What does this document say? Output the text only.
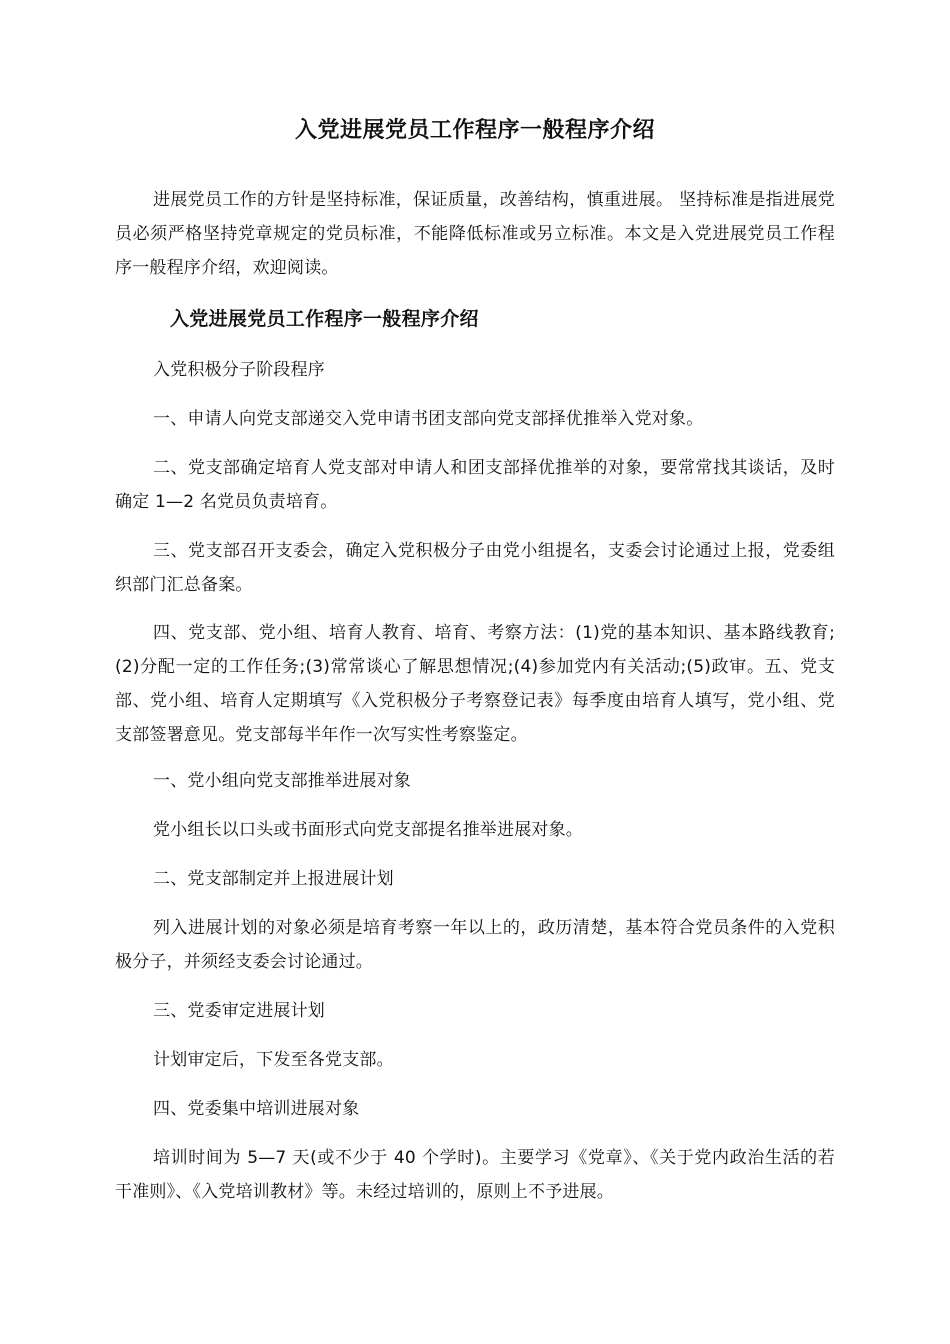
入党进展党员工作程序一般程序介绍

进展党员工作的方针是坚持标准，保证质量，改善结构，慎重进展。 坚持标准是指进展党员必须严格坚持党章规定的党员标准，不能降低标准或另立标准。本文是入党进展党员工作程序一般程序介绍，欢迎阅读。

入党进展党员工作程序一般程序介绍

入党积极分子阶段程序

一、申请人向党支部递交入党申请书团支部向党支部择优推举入党对象。

二、党支部确定培育人党支部对申请人和团支部择优推举的对象，要常常找其谈话，及时确定 1—2 名党员负责培育。

三、党支部召开支委会，确定入党积极分子由党小组提名，支委会讨论通过上报，党委组织部门汇总备案。

四、党支部、党小组、培育人教育、培育、考察方法：(1)党的基本知识、基本路线教育;(2)分配一定的工作任务;(3)常常谈心了解思想情况;(4)参加党内有关活动;(5)政审。五、党支部、党小组、培育人定期填写《入党积极分子考察登记表》每季度由培育人填写，党小组、党支部签署意见。党支部每半年作一次写实性考察鉴定。

一、党小组向党支部推举进展对象

党小组长以口头或书面形式向党支部提名推举进展对象。

二、党支部制定并上报进展计划

列入进展计划的对象必须是培育考察一年以上的，政历清楚，基本符合党员条件的入党积极分子，并须经支委会讨论通过。

三、党委审定进展计划

计划审定后，下发至各党支部。

四、党委集中培训进展对象

培训时间为 5—7 天(或不少于 40 个学时)。主要学习《党章》、《关于党内政治生活的若干准则》、《入党培训教材》等。未经过培训的，原则上不予进展。
